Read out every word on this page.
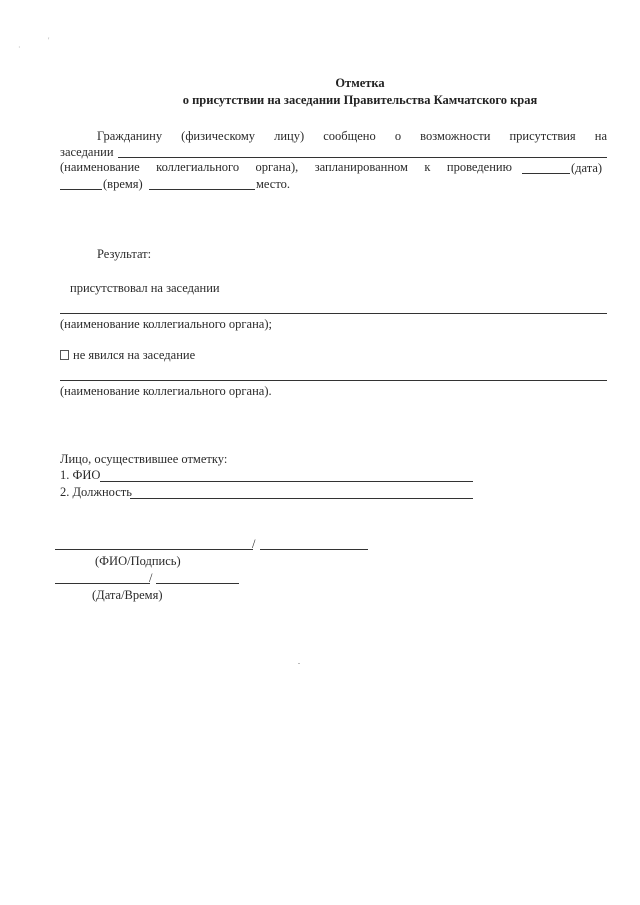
·
'
Отметка
о присутствии на заседании Правительства Камчатского края
Гражданину (физическому лицу) сообщено о возможности присутствия на
заседании
(наименование коллегиального органа), запланированном к проведению	(дата)
(время)	место.
Результат:
присутствовал на заседании
(наименование коллегиального органа);
не явился на заседание
(наименование коллегиального органа).
Лицо, осуществившее отметку:
1. ФИО
2. Должность
/
(ФИО/Подпись)
/
(Дата/Время)
